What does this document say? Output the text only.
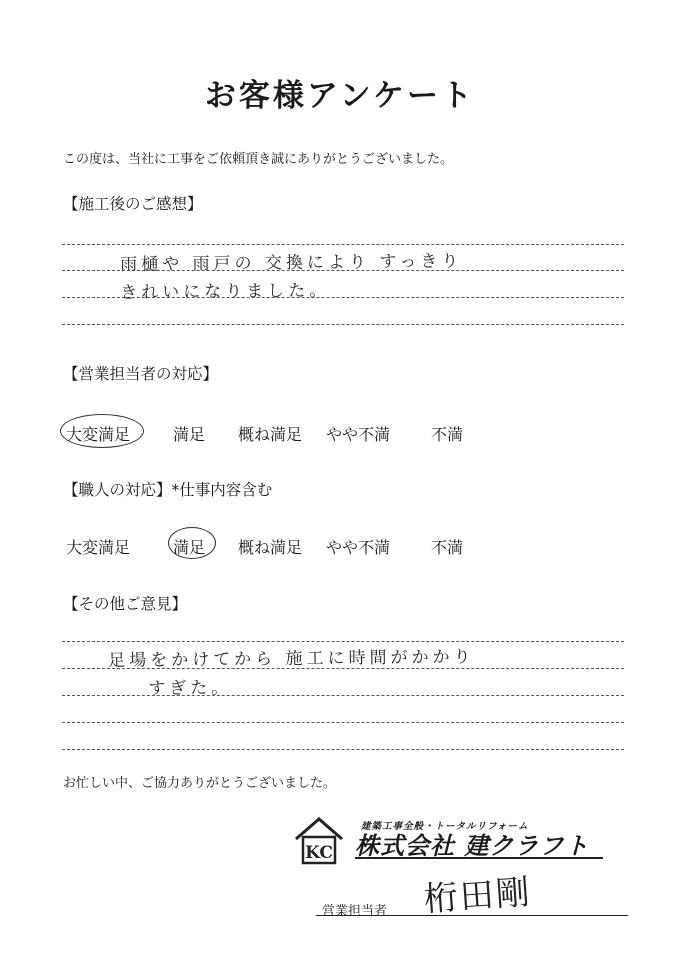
お客様アンケート
この度は、当社に工事をご依頼頂き誠にありがとうございました。
【施工後のご感想】
雨樋や 雨戸の 交換により すっきり
きれいになりました。
【営業担当者の対応】
大変満足	満足 概ね満足 やや不満	不満
【職人の対応】*仕事内容含む
大変満足	満足 概ね満足 やや不満	不満
【その他ご意見】
足場をかけてから 施工に時間がかかり
すぎた。
お忙しい中、ご協力ありがとうございました。
KC
建築工事全般・トータルリフォーム
株式会社 建クラフト
営業担当者 桁田剛
